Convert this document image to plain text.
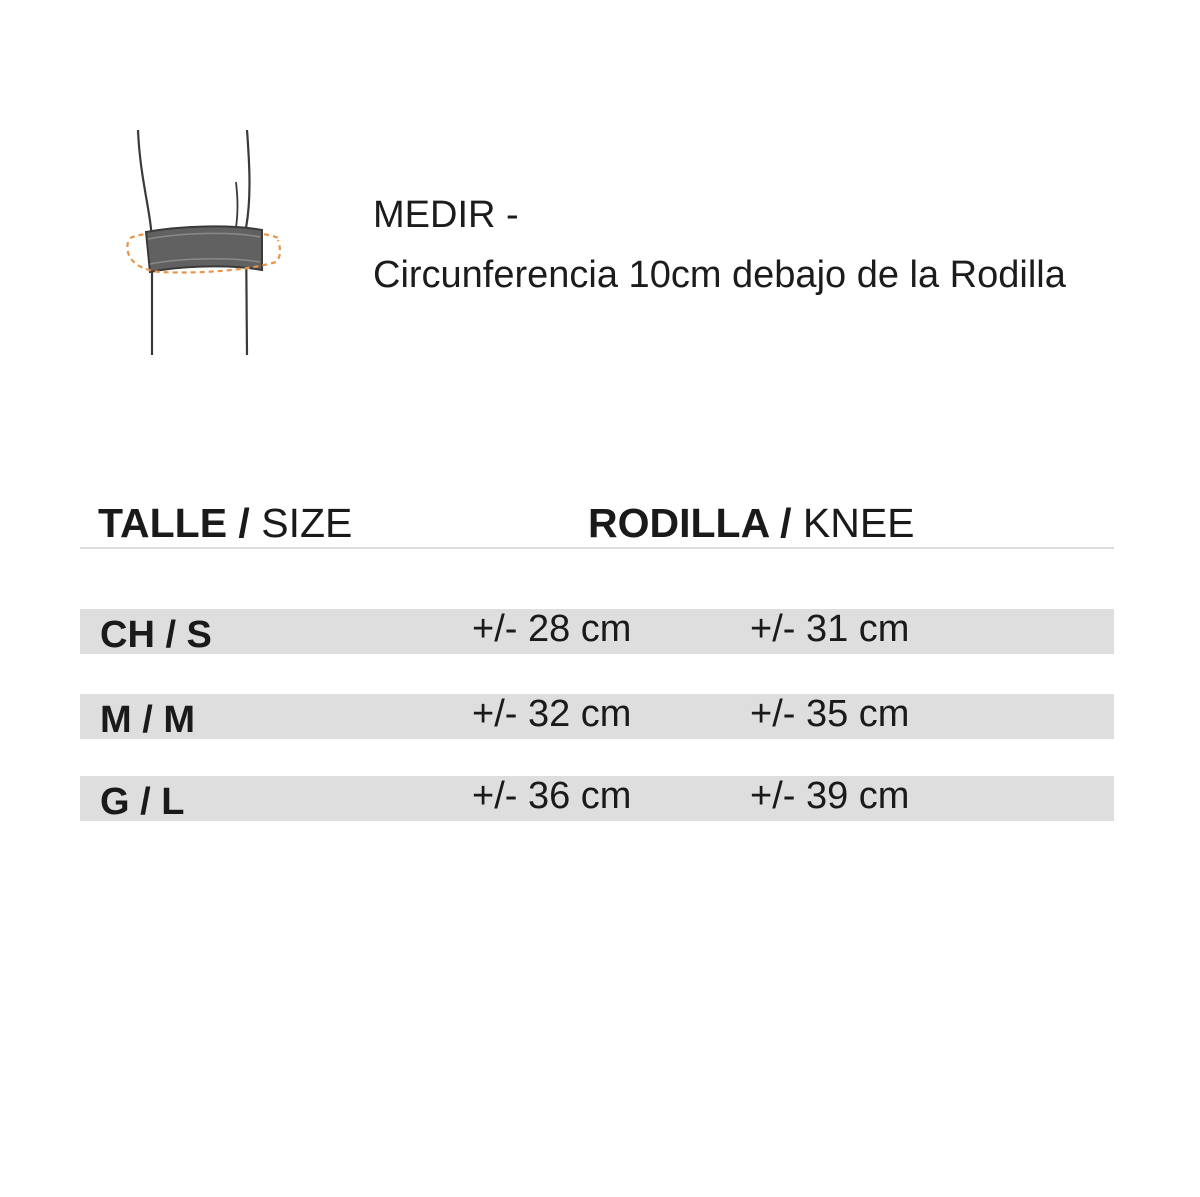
MEDIR -
Circunferencia 10cm debajo de la Rodilla
TALLE / SIZE	RODILLA / KNEE
CH / S	+/- 28 cm	+/- 31 cm
M / M	+/- 32 cm	+/- 35 cm
G / L	+/- 36 cm	+/- 39 cm
